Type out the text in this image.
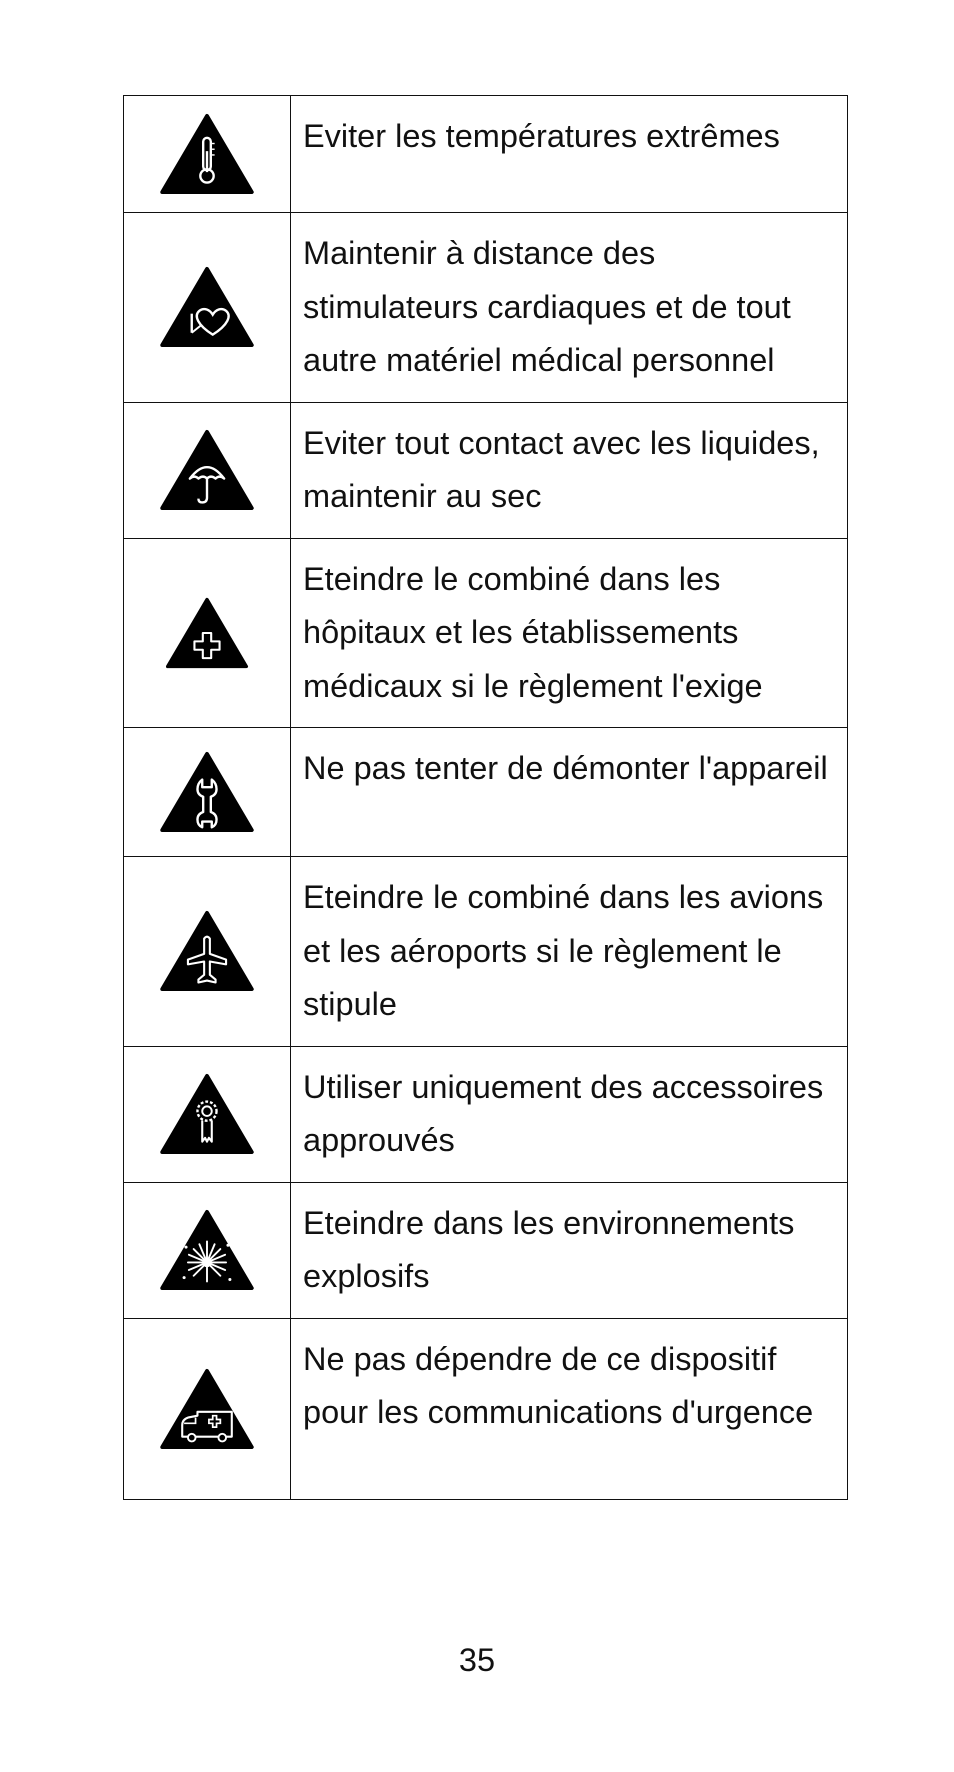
	Eviter les températures extrêmes

	Maintenir à distance des stimulateurs cardiaques et de tout autre matériel médical personnel

	Eviter tout contact avec les liquides, maintenir au sec

	Eteindre le combiné dans les hôpitaux et les établissements médicaux si le règlement l'exige

	Ne pas tenter de démonter l'appareil

	Eteindre le combiné dans les avions et les aéroports si le règlement le stipule

	Utiliser uniquement des accessoires approuvés

	Eteindre dans les environnements explosifs

	Ne pas dépendre de ce dispositif pour les communications d'urgence
35
